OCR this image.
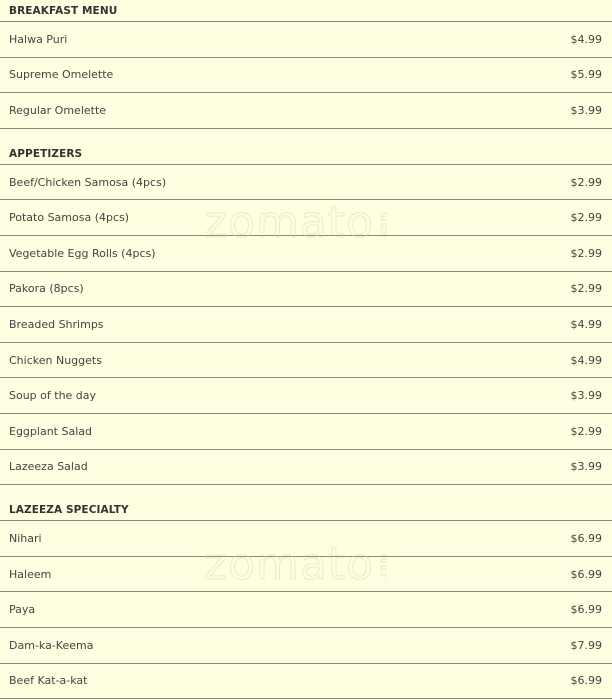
BREAKFAST MENU
Halwa Puri	$4.99
Supreme Omelette	$5.99
Regular Omelette	$3.99
APPETIZERS
Beef/Chicken Samosa (4pcs)	$2.99
Potato Samosa (4pcs)	$2.99
Vegetable Egg Rolls (4pcs)	$2.99
Pakora (8pcs)	$2.99
Breaded Shrimps	$4.99
Chicken Nuggets	$4.99
Soup of the day	$3.99
Eggplant Salad	$2.99
Lazeeza Salad	$3.99
LAZEEZA SPECIALTY
Nihari	$6.99
Haleem	$6.99
Paya	$6.99
Dam-ka-Keema	$7.99
Beef Kat-a-kat	$6.99
zomato .com
zomato .com
